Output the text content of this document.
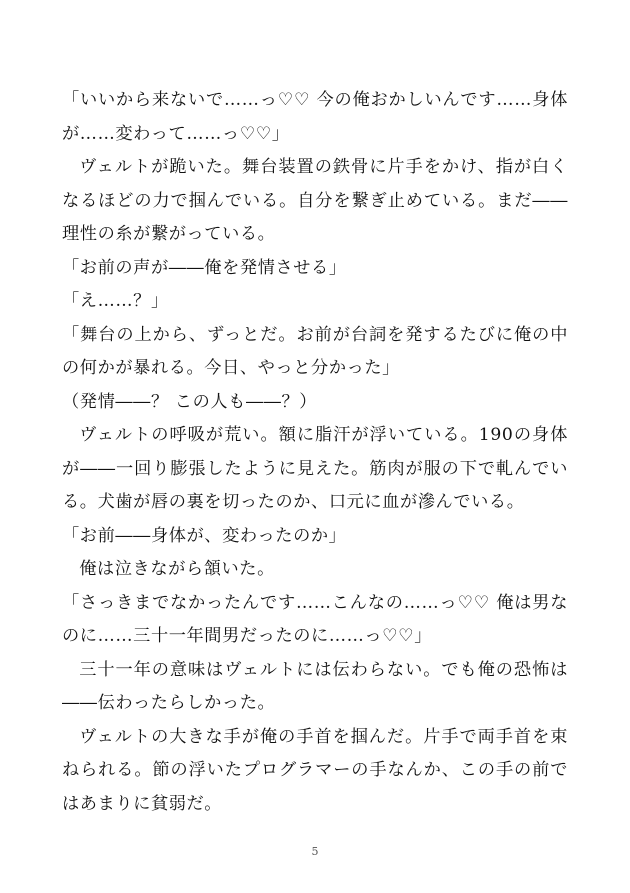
「いいから来ないで……っ♡♡ 今の俺おかしいんです……身体が……変わって……っ♡♡」

ヴェルトが跪いた。舞台装置の鉄骨に片手をかけ、指が白くなるほどの力で掴んでいる。自分を繋ぎ止めている。まだ――理性の糸が繋がっている。

「お前の声が――俺を発情させる」

「え……？」

「舞台の上から、ずっとだ。お前が台詞を発するたびに俺の中の何かが暴れる。今日、やっと分かった」

（発情――？ この人も――？）

ヴェルトの呼吸が荒い。額に脂汗が浮いている。190の身体が――一回り膨張したように見えた。筋肉が服の下で軋んでいる。犬歯が唇の裏を切ったのか、口元に血が滲んでいる。

「お前――身体が、変わったのか」

俺は泣きながら頷いた。

「さっきまでなかったんです……こんなの……っ♡♡ 俺は男なのに……三十一年間男だったのに……っ♡♡」

三十一年の意味はヴェルトには伝わらない。でも俺の恐怖は――伝わったらしかった。

ヴェルトの大きな手が俺の手首を掴んだ。片手で両手首を束ねられる。節の浮いたプログラマーの手なんか、この手の前ではあまりに貧弱だ。

5
